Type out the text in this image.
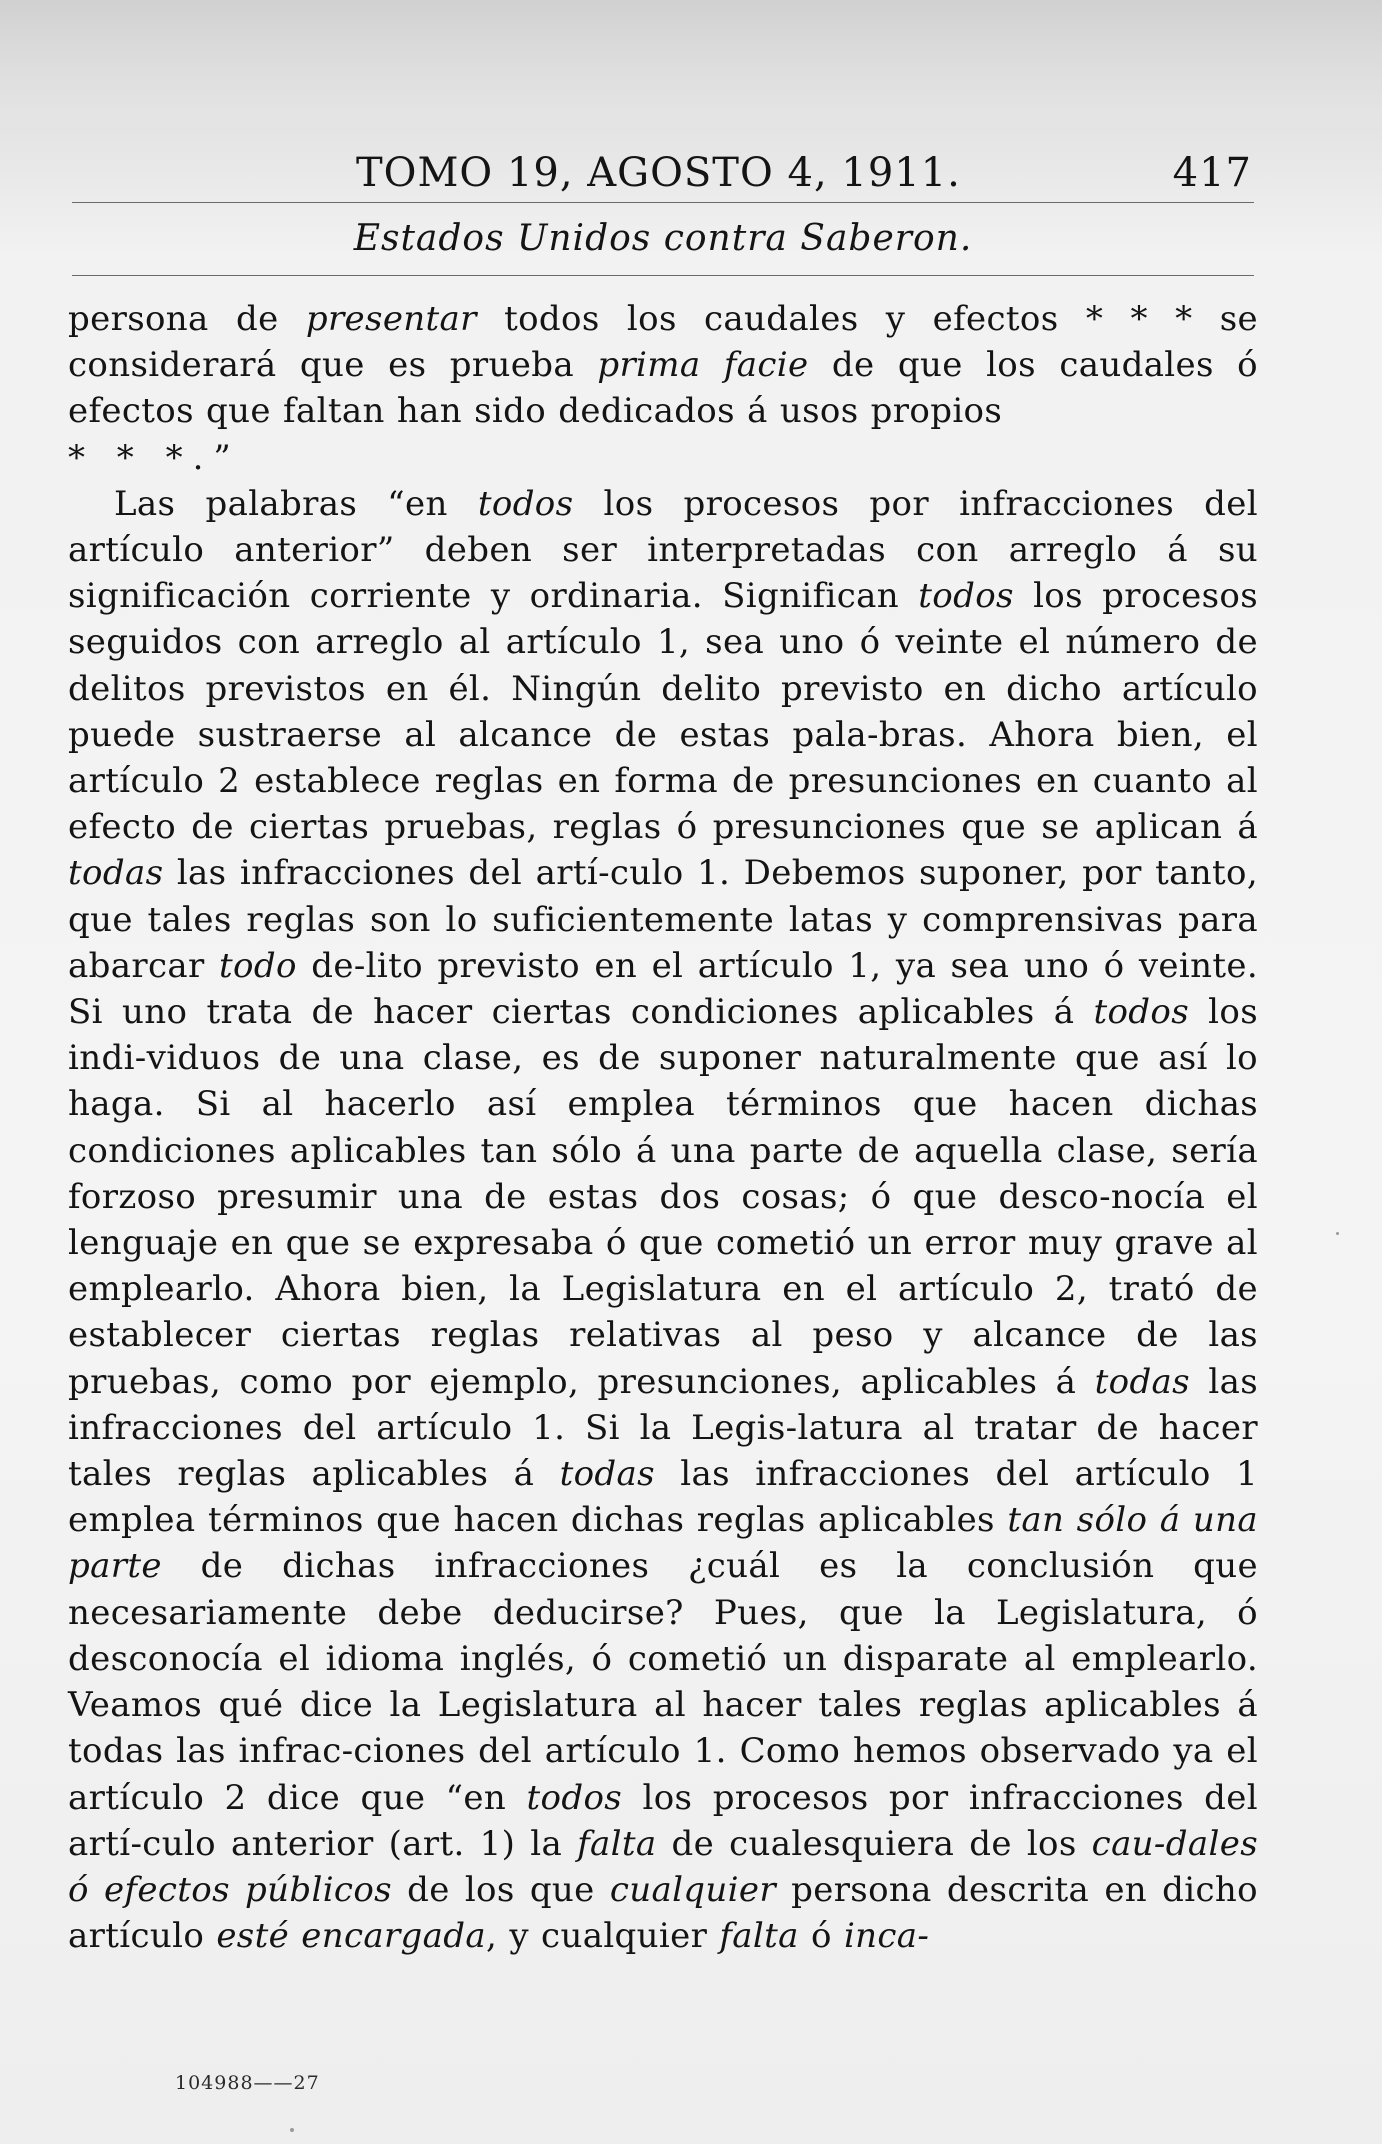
TOMO 19, AGOSTO 4, 1911.	417
Estados Unidos contra Saberon.

persona de presentar todos los caudales y efectos * * * se considerará que es prueba prima facie de que los caudales ó efectos que faltan han sido dedicados á usos propios
* * *.”

Las palabras “en todos los procesos por infracciones del artículo anterior” deben ser interpretadas con arreglo á su significación corriente y ordinaria. Significan todos los procesos seguidos con arreglo al artículo 1, sea uno ó veinte el número de delitos previstos en él. Ningún delito previsto en dicho artículo puede sustraerse al alcance de estas pala-bras. Ahora bien, el artículo 2 establece reglas en forma de presunciones en cuanto al efecto de ciertas pruebas, reglas ó presunciones que se aplican á todas las infracciones del artí-culo 1. Debemos suponer, por tanto, que tales reglas son lo suficientemente latas y comprensivas para abarcar todo de-lito previsto en el artículo 1, ya sea uno ó veinte. Si uno trata de hacer ciertas condiciones aplicables á todos los indi-viduos de una clase, es de suponer naturalmente que así lo haga. Si al hacerlo así emplea términos que hacen dichas condiciones aplicables tan sólo á una parte de aquella clase, sería forzoso presumir una de estas dos cosas; ó que desco-nocía el lenguaje en que se expresaba ó que cometió un error muy grave al emplearlo. Ahora bien, la Legislatura en el artículo 2, trató de establecer ciertas reglas relativas al peso y alcance de las pruebas, como por ejemplo, presunciones, aplicables á todas las infracciones del artículo 1. Si la Legis-latura al tratar de hacer tales reglas aplicables á todas las infracciones del artículo 1 emplea términos que hacen dichas reglas aplicables tan sólo á una parte de dichas infracciones ¿cuál es la conclusión que necesariamente debe deducirse? Pues, que la Legislatura, ó desconocía el idioma inglés, ó cometió un disparate al emplearlo. Veamos qué dice la Legislatura al hacer tales reglas aplicables á todas las infrac-ciones del artículo 1. Como hemos observado ya el artículo 2 dice que “en todos los procesos por infracciones del artí-culo anterior (art. 1) la falta de cualesquiera de los cau-dales ó efectos públicos de los que cualquier persona descrita en dicho artículo esté encargada, y cualquier falta ó inca-

104988——27
